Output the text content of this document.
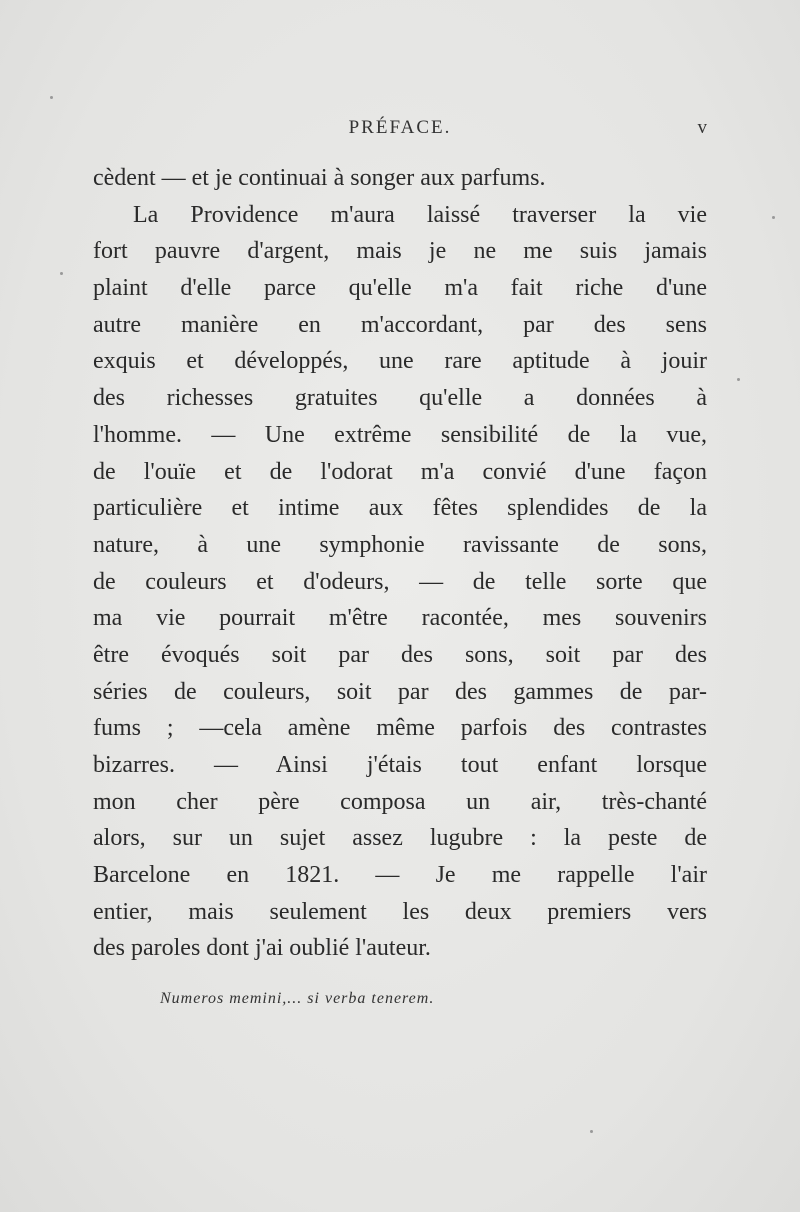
PRÉFACE.	v
cèdent — et je continuai à songer aux parfums.
La Providence m'aura laissé traverser la vie
fort pauvre d'argent, mais je ne me suis jamais
plaint d'elle parce qu'elle m'a fait riche d'une
autre manière en m'accordant, par des sens
exquis et développés, une rare aptitude à jouir
des richesses gratuites qu'elle a données à
l'homme. — Une extrême sensibilité de la vue,
de l'ouïe et de l'odorat m'a convié d'une façon
particulière et intime aux fêtes splendides de la
nature, à une symphonie ravissante de sons,
de couleurs et d'odeurs, — de telle sorte que
ma vie pourrait m'être racontée, mes souvenirs
être évoqués soit par des sons, soit par des
séries de couleurs, soit par des gammes de par-
fums ; —cela amène même parfois des contrastes
bizarres. — Ainsi j'étais tout enfant lorsque
mon cher père composa un air, très-chanté
alors, sur un sujet assez lugubre : la peste de
Barcelone en 1821. — Je me rappelle l'air
entier, mais seulement les deux premiers vers
des paroles dont j'ai oublié l'auteur.
Numeros memini,... si verba tenerem.
